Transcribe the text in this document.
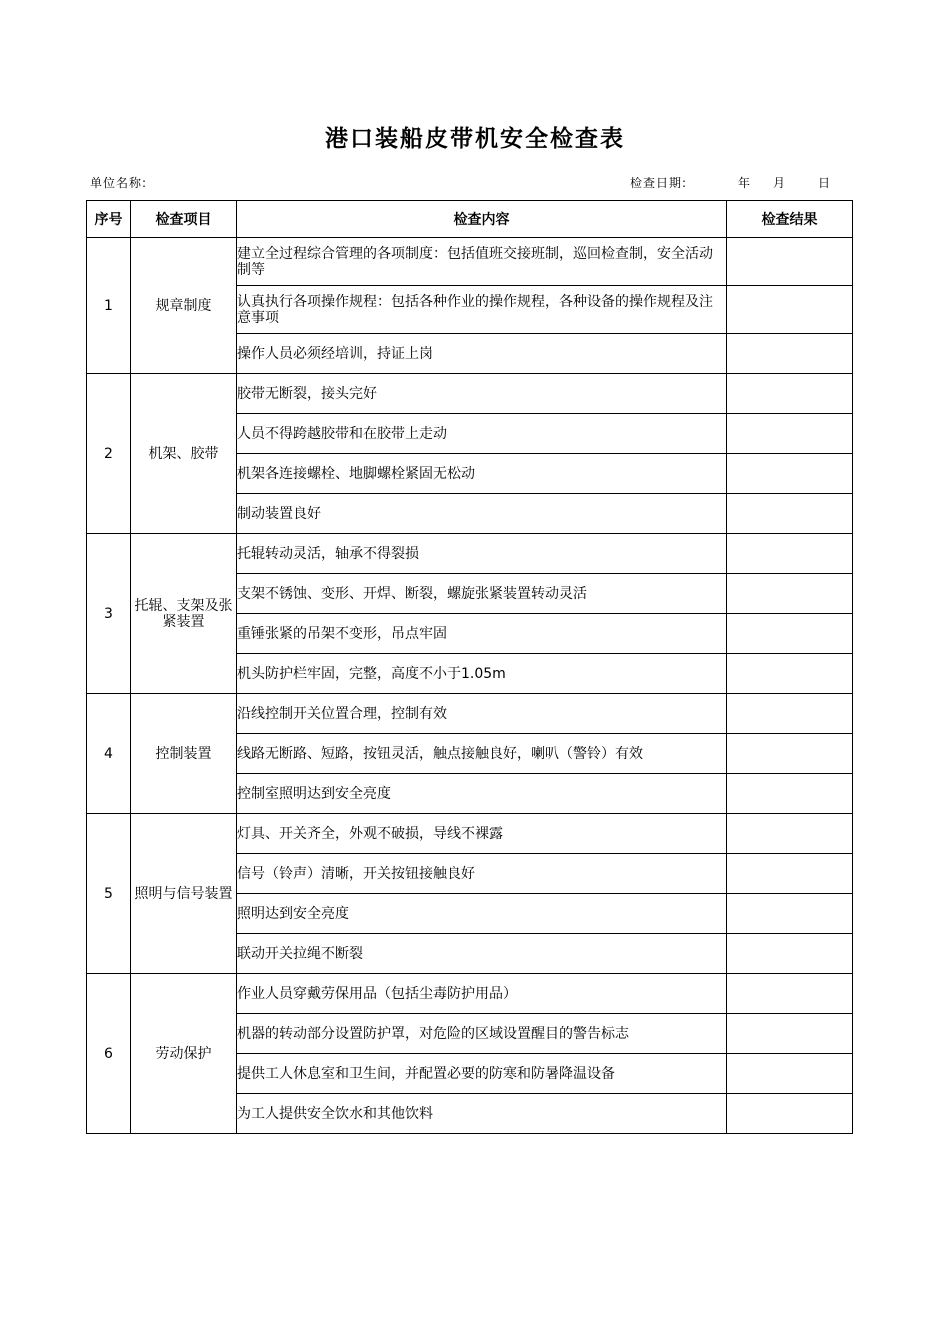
港口装船皮带机安全检查表
单位名称:	检查日期:	年 月	日
序号	检查项目	检查内容	检查结果
1	规章制度	建立全过程综合管理的各项制度：包括值班交接班制，巡回检查制，安全活动制等	
		认真执行各项操作规程：包括各种作业的操作规程，各种设备的操作规程及注意事项	
		操作人员必须经培训，持证上岗	
2	机架、胶带	胶带无断裂，接头完好	
		人员不得跨越胶带和在胶带上走动	
		机架各连接螺栓、地脚螺栓紧固无松动	
		制动装置良好	
3	托辊、支架及张紧装置	托辊转动灵活，轴承不得裂损	
		支架不锈蚀、变形、开焊、断裂，螺旋张紧装置转动灵活	
		重锤张紧的吊架不变形，吊点牢固	
		机头防护栏牢固，完整，高度不小于1.05m	
4	控制装置	沿线控制开关位置合理，控制有效	
		线路无断路、短路，按钮灵活，触点接触良好，喇叭（警铃）有效	
		控制室照明达到安全亮度	
5	照明与信号装置	灯具、开关齐全，外观不破损，导线不裸露	
		信号（铃声）清晰，开关按钮接触良好	
		照明达到安全亮度	
		联动开关拉绳不断裂	
6	劳动保护	作业人员穿戴劳保用品（包括尘毒防护用品）	
		机器的转动部分设置防护罩，对危险的区域设置醒目的警告标志	
		提供工人休息室和卫生间，并配置必要的防寒和防暑降温设备	
		为工人提供安全饮水和其他饮料	
